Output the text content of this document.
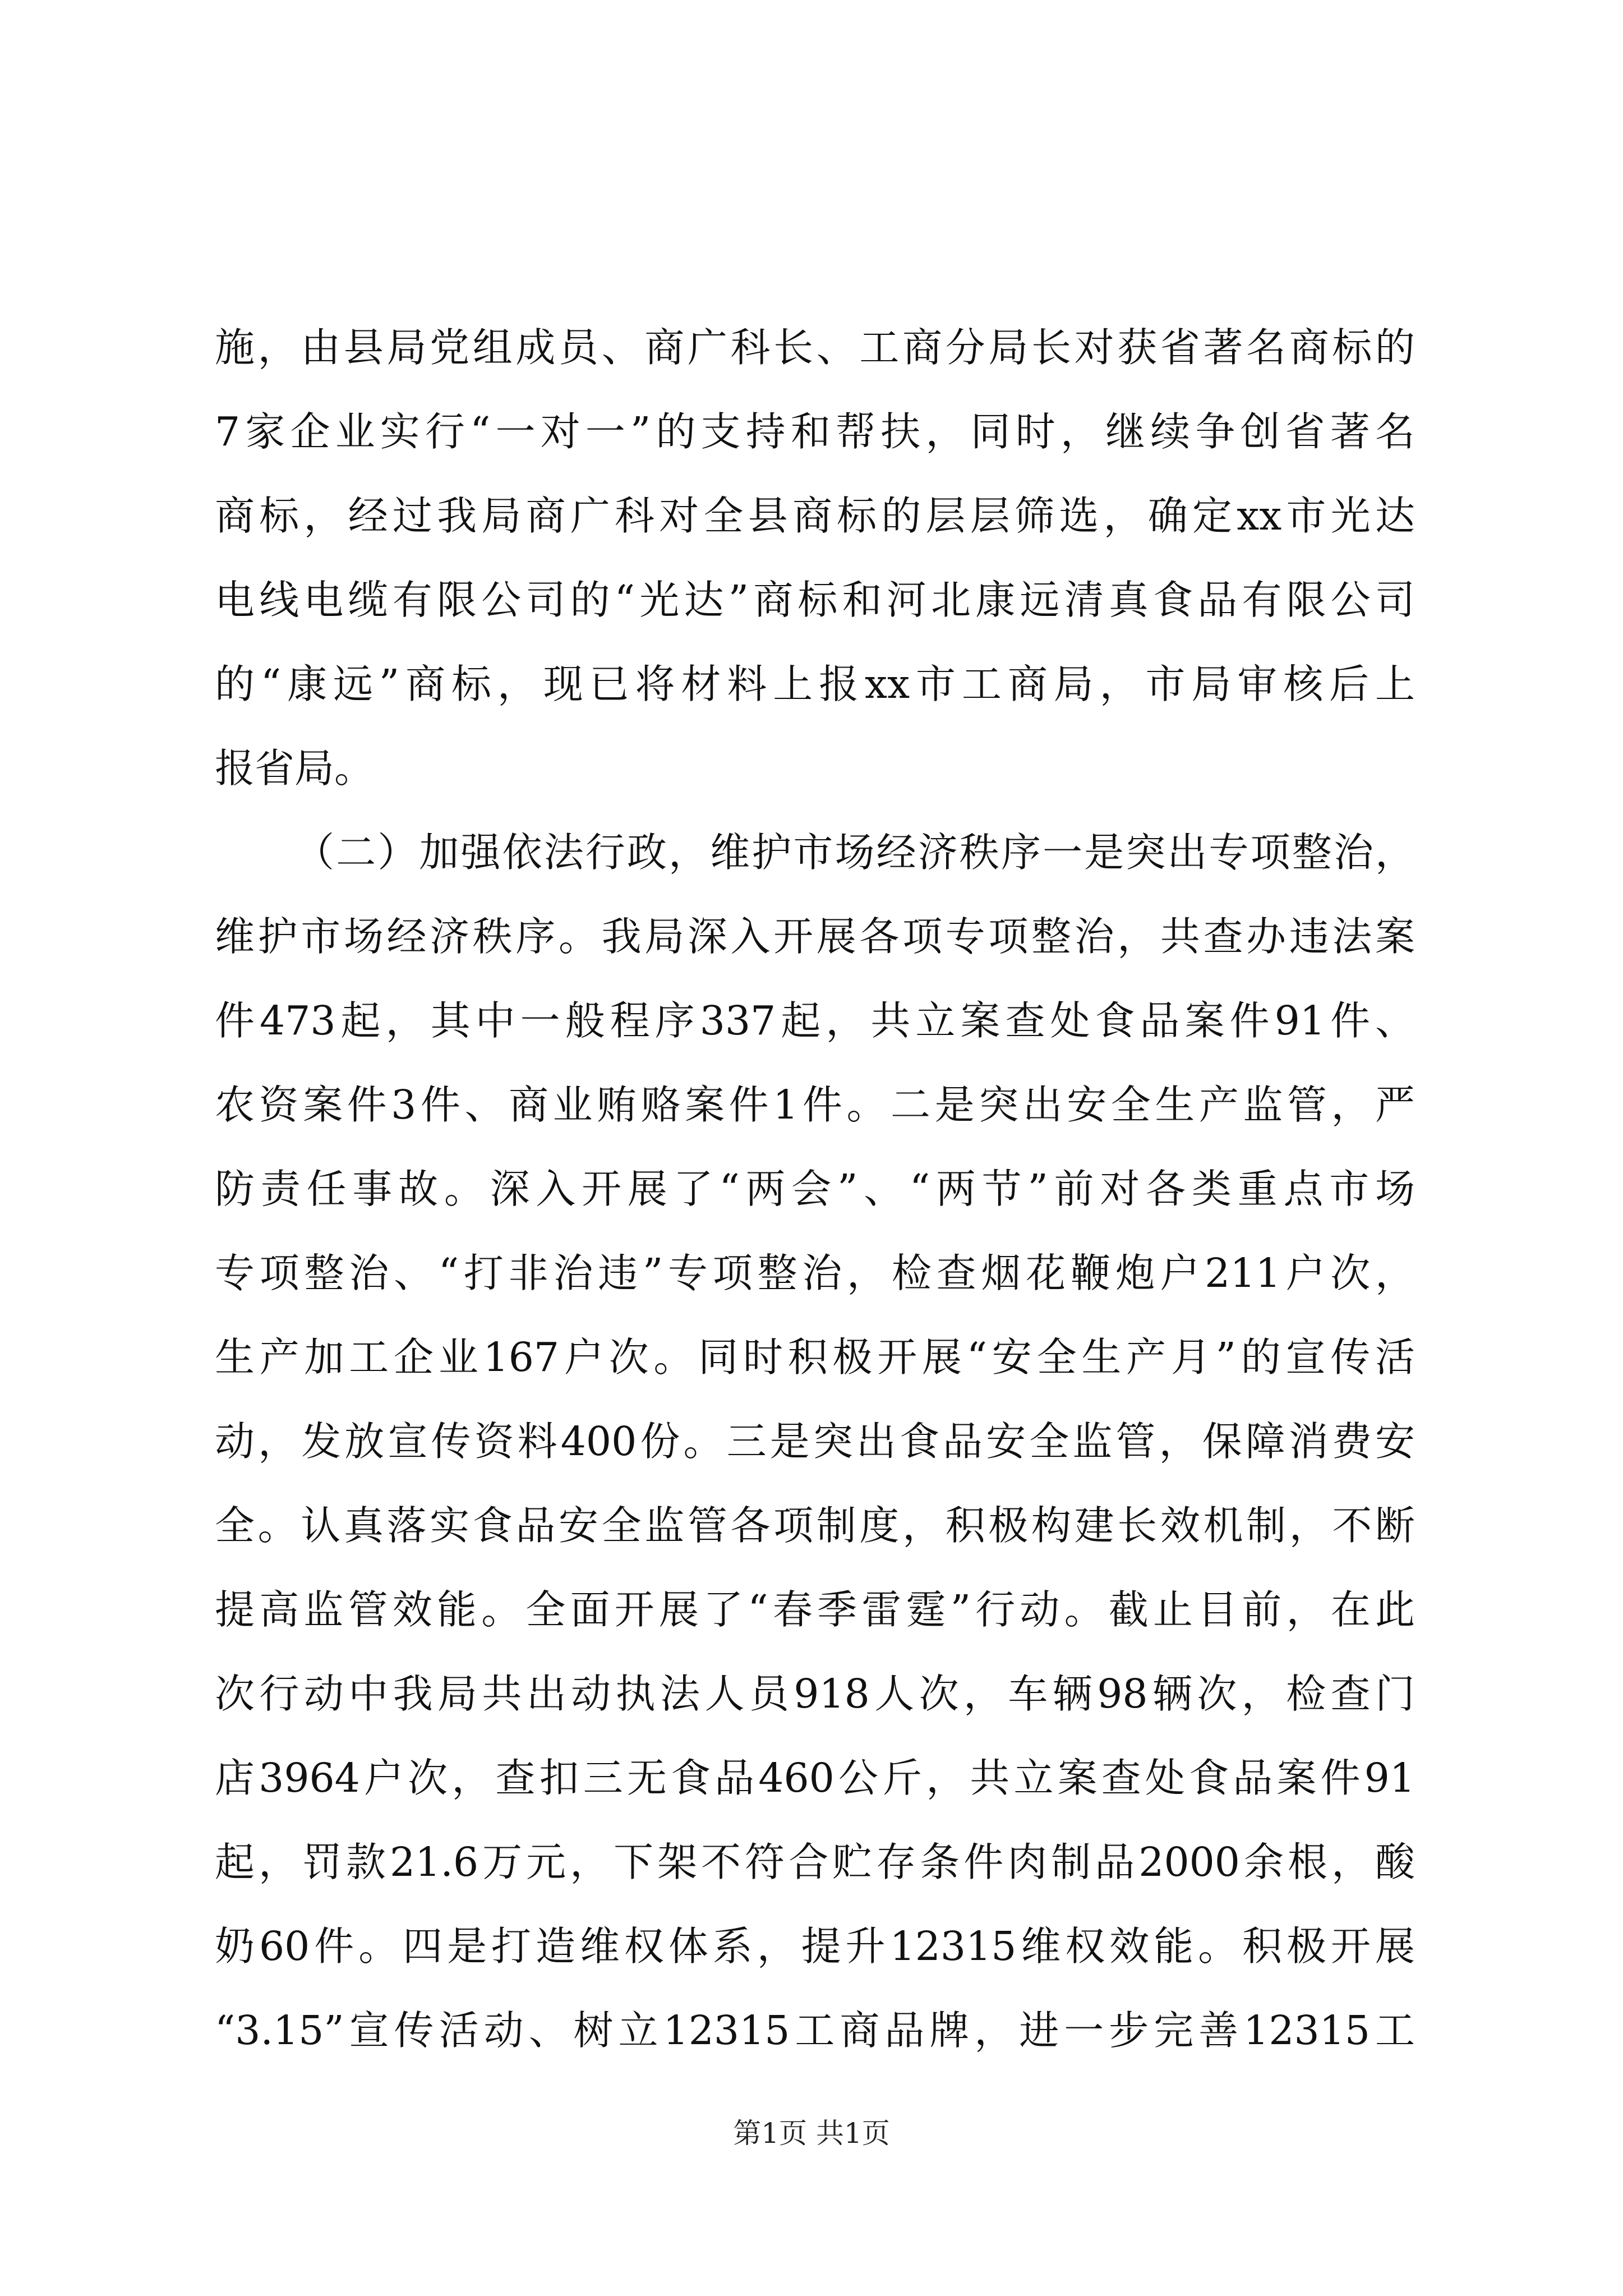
施，由县局党组成员、商广科长、工商分局长对获省著名商标的
7家企业实行“一对一”的支持和帮扶，同时，继续争创省著名
商标，经过我局商广科对全县商标的层层筛选，确定xx市光达
电线电缆有限公司的“光达”商标和河北康远清真食品有限公司
的“康远”商标，现已将材料上报xx市工商局，市局审核后上
报省局。
（二）加强依法行政，维护市场经济秩序一是突出专项整治，
维护市场经济秩序。我局深入开展各项专项整治，共查办违法案
件473起，其中一般程序337起，共立案查处食品案件91件、
农资案件3件、商业贿赂案件1件。二是突出安全生产监管，严
防责任事故。深入开展了“两会”、“两节”前对各类重点市场
专项整治、“打非治违”专项整治，检查烟花鞭炮户211户次，
生产加工企业167户次。同时积极开展“安全生产月”的宣传活
动，发放宣传资料400份。三是突出食品安全监管，保障消费安
全。认真落实食品安全监管各项制度，积极构建长效机制，不断
提高监管效能。全面开展了“春季雷霆”行动。截止目前，在此
次行动中我局共出动执法人员918人次，车辆98辆次，检查门
店3964户次，查扣三无食品460公斤，共立案查处食品案件91
起，罚款21.6万元，下架不符合贮存条件肉制品2000余根，酸
奶60件。四是打造维权体系，提升12315维权效能。积极开展
“3.15”宣传活动、树立12315工商品牌，进一步完善12315工
第1页 共1页
